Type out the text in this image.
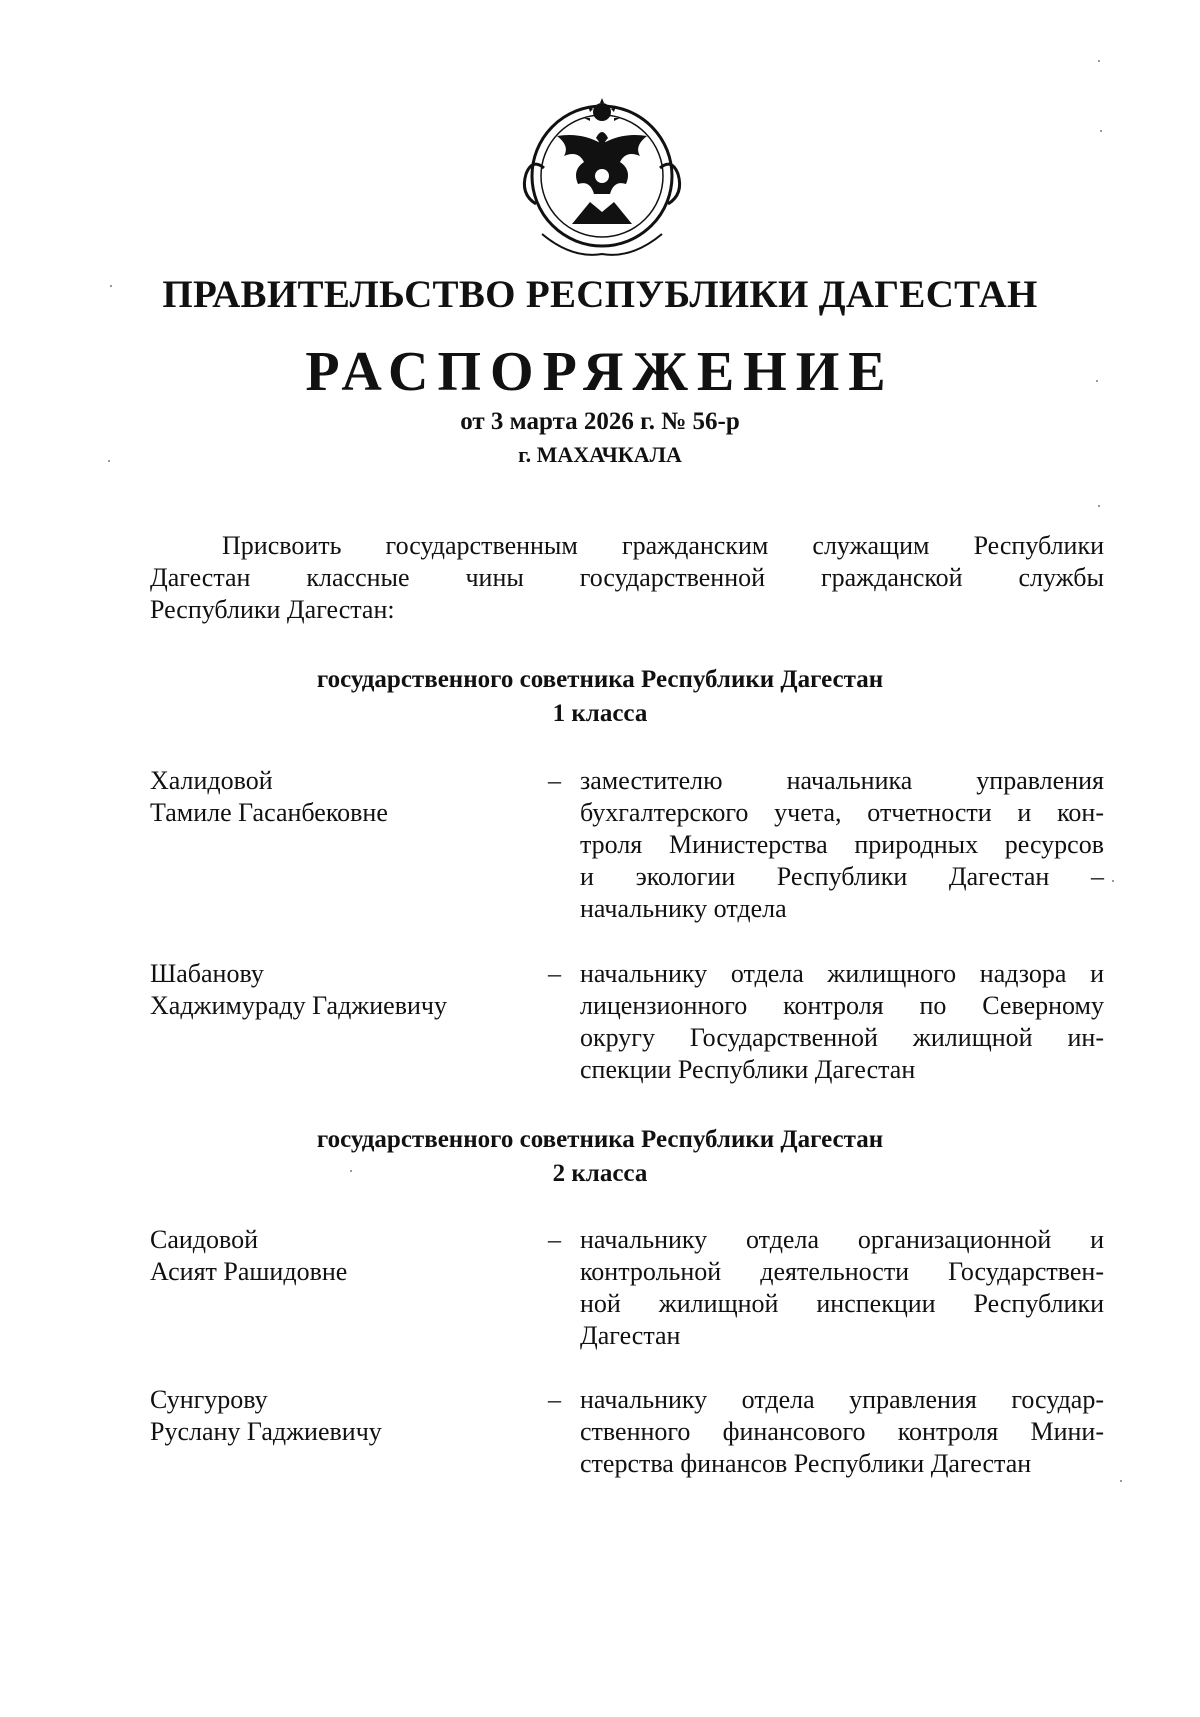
ПРАВИТЕЛЬСТВО РЕСПУБЛИКИ ДАГЕСТАН
РАСПОРЯЖЕНИЕ
от 3 марта 2026 г. № 56-р
г. МАХАЧКАЛА
Присвоить государственным гражданским служащим Республики
Дагестан классные чины государственной гражданской службы
Республики Дагестан:
государственного советника Республики Дагестан
1 класса
Халидовой
Тамиле Гасанбековне
– заместителю начальника управления
бухгалтерского учета, отчетности и кон-
троля Министерства природных ресурсов
и экологии Республики Дагестан –
начальнику отдела
Шабанову
Хаджимураду Гаджиевичу
– начальнику отдела жилищного надзора и
лицензионного контроля по Северному
округу Государственной жилищной ин-
спекции Республики Дагестан
государственного советника Республики Дагестан
2 класса
Саидовой
Асият Рашидовне
– начальнику отдела организационной и
контрольной деятельности Государствен-
ной жилищной инспекции Республики
Дагестан
Сунгурову
Руслану Гаджиевичу
– начальнику отдела управления государ-
ственного финансового контроля Мини-
стерства финансов Республики Дагестан
